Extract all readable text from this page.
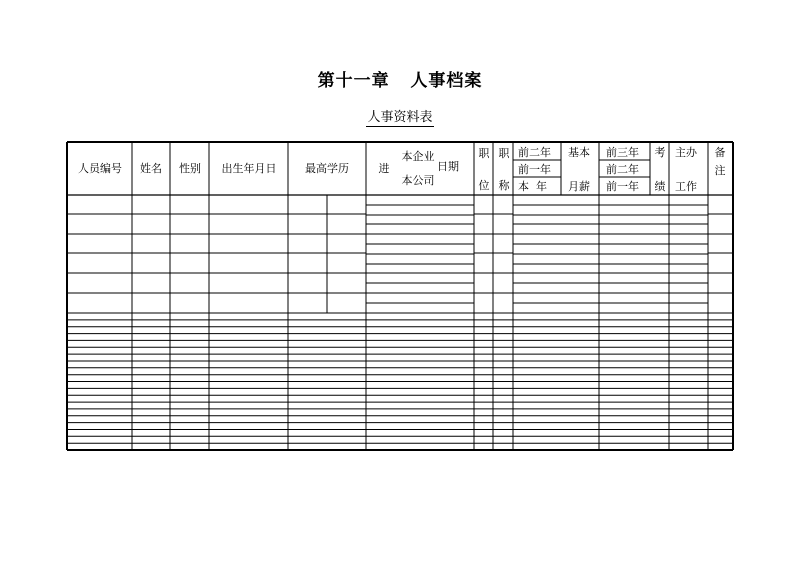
第十一章   人事档案
人事资料表
人员编号 姓名 性别 出生年月日	最高学历	进
本企业
本公司
日期
职
位
职
称
前二年
前一年
本  年
基本
月薪
前三年
前二年
前一年
考
绩
主办
工作
备
注
